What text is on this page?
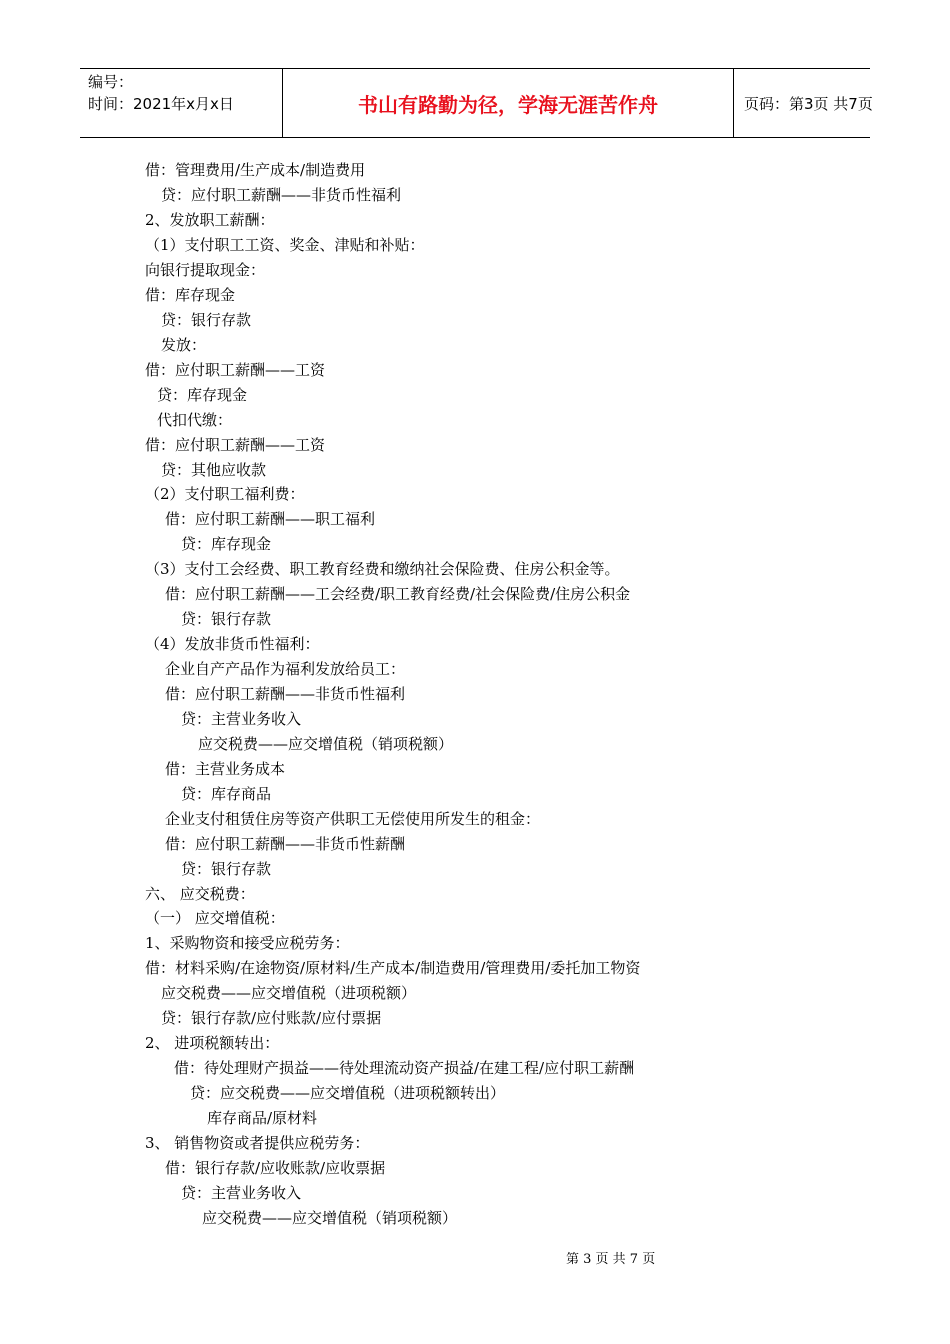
编号：
时间：2021年x月x日	书山有路勤为径，学海无涯苦作舟	页码：第3页 共7页
借：管理费用/生产成本/制造费用
贷：应付职工薪酬——非货币性福利
2、发放职工薪酬：
（1）支付职工工资、奖金、津贴和补贴：
向银行提取现金：
借：库存现金
贷：银行存款
发放：
借：应付职工薪酬——工资
贷：库存现金
代扣代缴：
借：应付职工薪酬——工资
贷：其他应收款
（2）支付职工福利费：
借：应付职工薪酬——职工福利
贷：库存现金
（3）支付工会经费、职工教育经费和缴纳社会保险费、住房公积金等。
借：应付职工薪酬——工会经费/职工教育经费/社会保险费/住房公积金
贷：银行存款
（4）发放非货币性福利：
企业自产产品作为福利发放给员工：
借：应付职工薪酬——非货币性福利
贷：主营业务收入
应交税费——应交增值税（销项税额）
借：主营业务成本
贷：库存商品
企业支付租赁住房等资产供职工无偿使用所发生的租金：
借：应付职工薪酬——非货币性薪酬
贷：银行存款
六、 应交税费：
（一） 应交增值税：
1、采购物资和接受应税劳务：
借：材料采购/在途物资/原材料/生产成本/制造费用/管理费用/委托加工物资
应交税费——应交增值税（进项税额）
贷：银行存款/应付账款/应付票据
2、 进项税额转出：
借：待处理财产损益——待处理流动资产损益/在建工程/应付职工薪酬
贷：应交税费——应交增值税（进项税额转出）
库存商品/原材料
3、 销售物资或者提供应税劳务：
借：银行存款/应收账款/应收票据
贷：主营业务收入
应交税费——应交增值税（销项税额）
第 3 页 共 7 页
